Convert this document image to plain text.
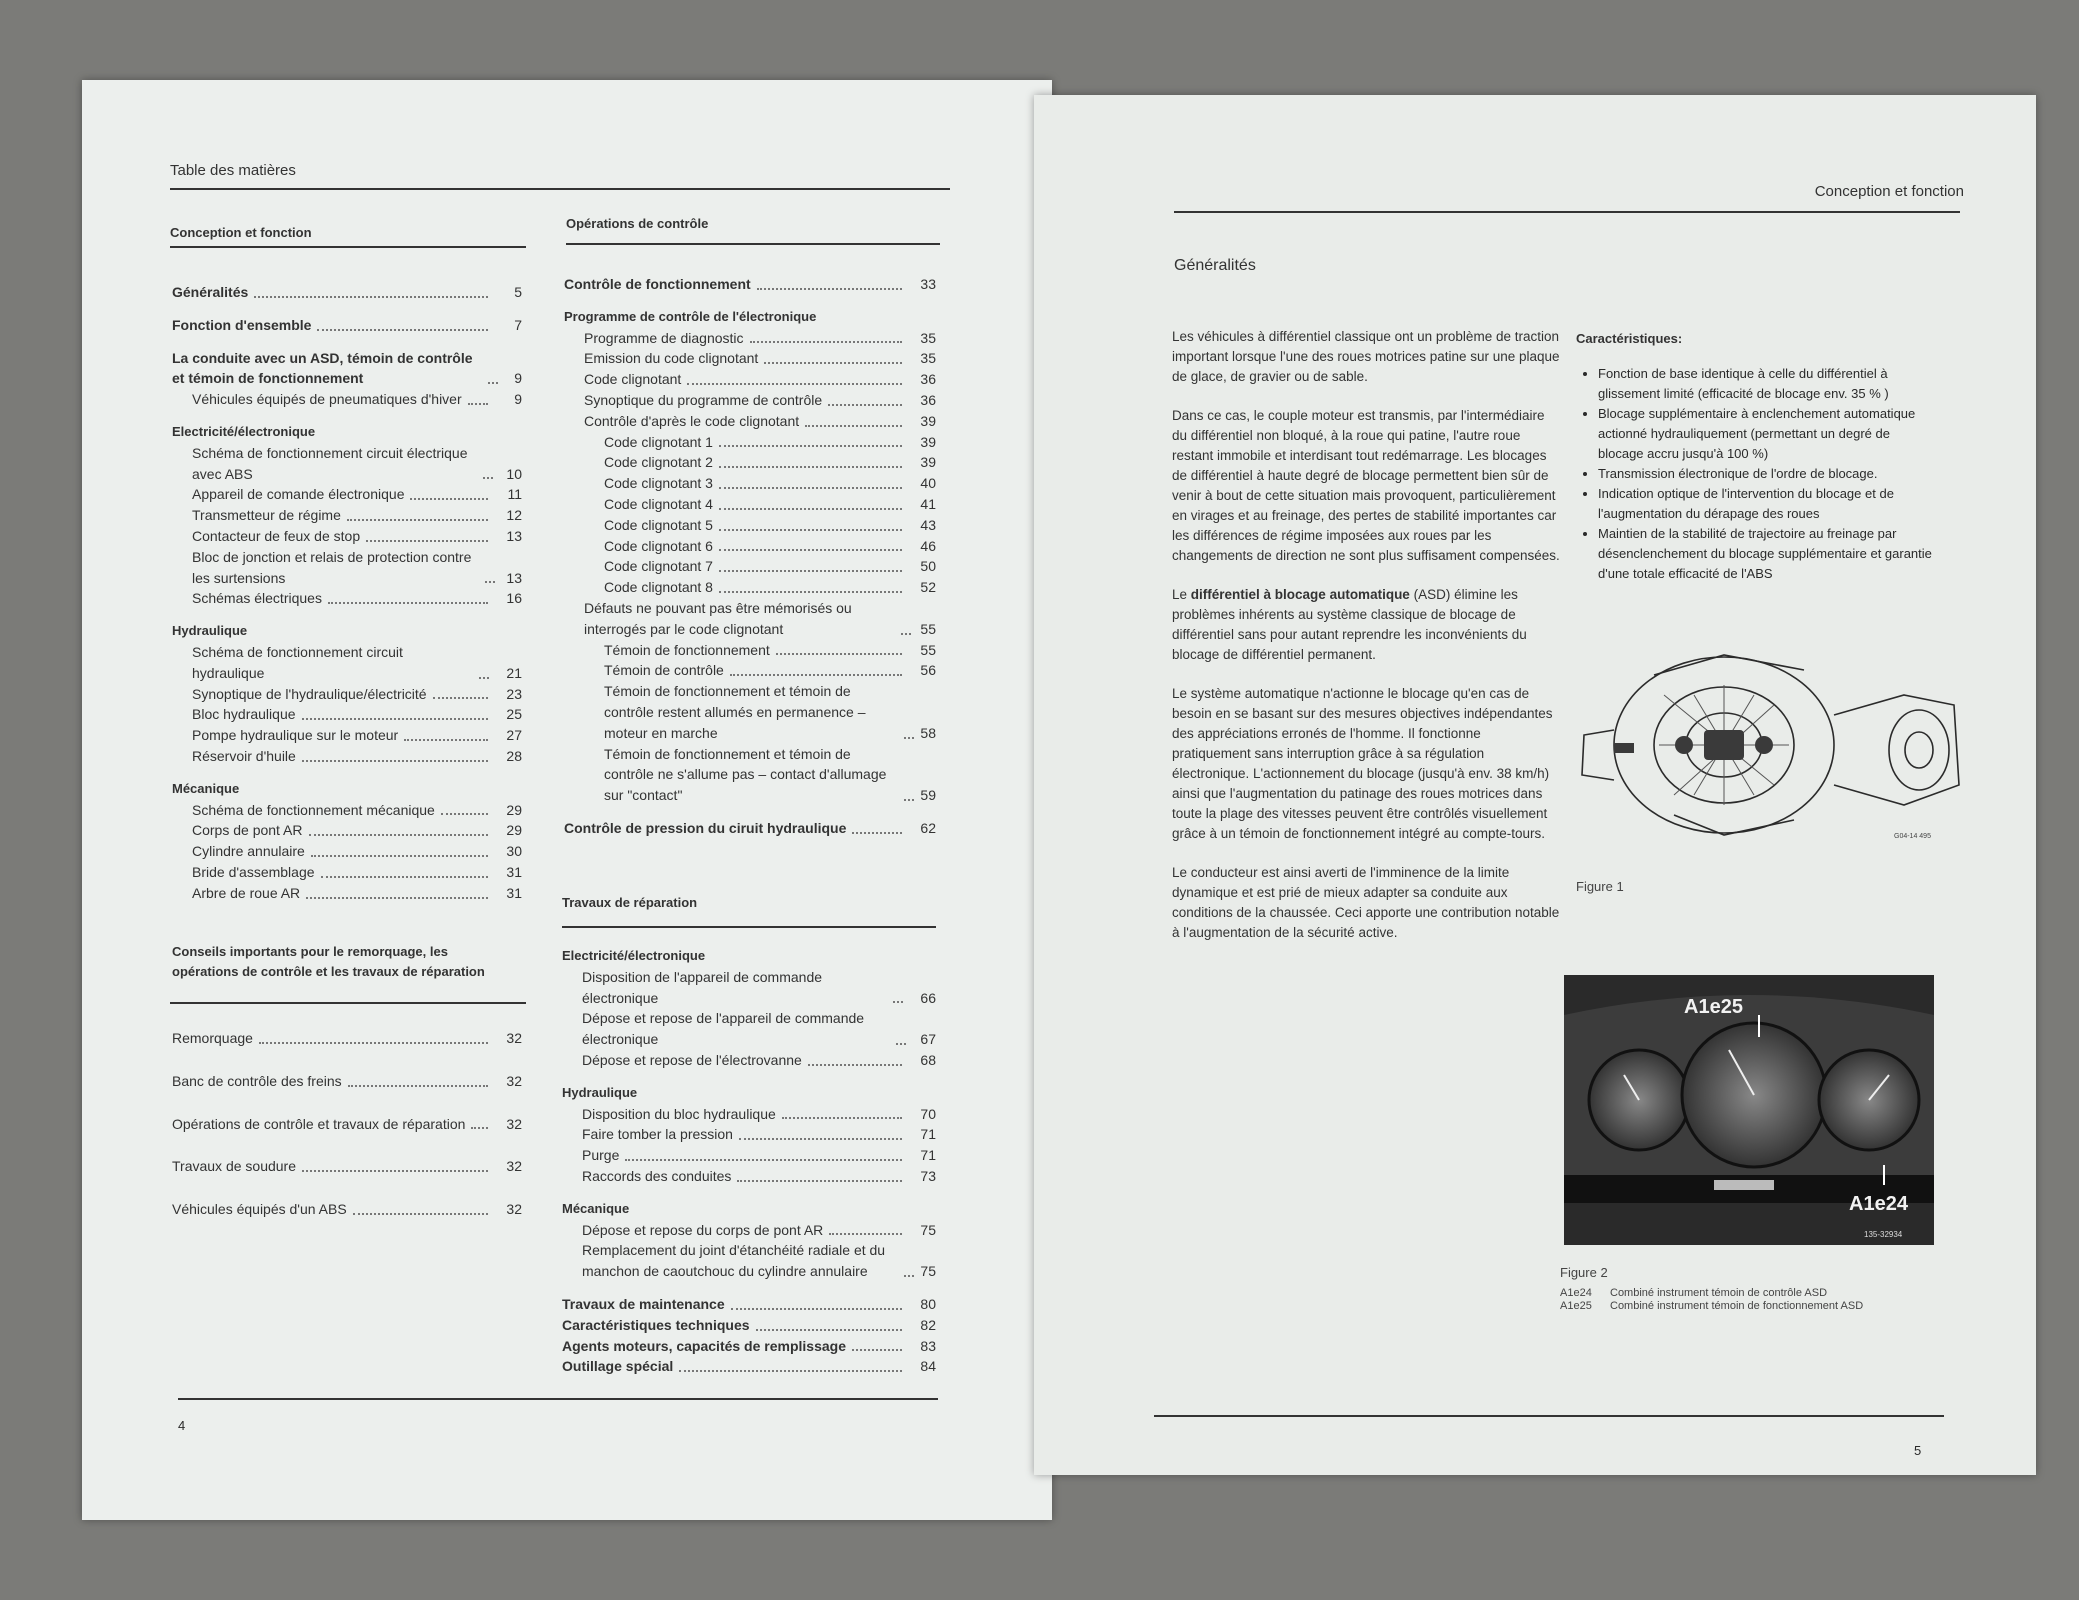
Table des matières
Conception et fonction
Généralités	5
Fonction d'ensemble	7
La conduite avec un ASD, témoin de contrôle et témoin de fonctionnement	9
Véhicules équipés de pneumatiques d'hiver	9
Electricité/électronique
Schéma de fonctionnement circuit électrique avec ABS	10
Appareil de comande électronique	11
Transmetteur de régime	12
Contacteur de feux de stop	13
Bloc de jonction et relais de protection contre les surtensions	13
Schémas électriques	16
Hydraulique
Schéma de fonctionnement circuit hydraulique	21
Synoptique de l'hydraulique/électricité	23
Bloc hydraulique	25
Pompe hydraulique sur le moteur	27
Réservoir d'huile	28
Mécanique
Schéma de fonctionnement mécanique	29
Corps de pont AR	29
Cylindre annulaire	30
Bride d'assemblage	31
Arbre de roue AR	31
Conseils importants pour le remorquage, les opérations de contrôle et les travaux de réparation
Remorquage	32
Banc de contrôle des freins	32
Opérations de contrôle et travaux de réparation	32
Travaux de soudure	32
Véhicules équipés d'un ABS	32
Opérations de contrôle
Contrôle de fonctionnement	33
Programme de contrôle de l'électronique
Programme de diagnostic	35
Emission du code clignotant	35
Code clignotant	36
Synoptique du programme de contrôle	36
Contrôle d'après le code clignotant	39
Code clignotant 1	39
Code clignotant 2	39
Code clignotant 3	40
Code clignotant 4	41
Code clignotant 5	43
Code clignotant 6	46
Code clignotant 7	50
Code clignotant 8	52
Défauts ne pouvant pas être mémorisés ou interrogés par le code clignotant	55
Témoin de fonctionnement	55
Témoin de contrôle	56
Témoin de fonctionnement et témoin de contrôle restent allumés en permanence – moteur en marche	58
Témoin de fonctionnement et témoin de contrôle ne s'allume pas – contact d'allumage sur "contact"	59
Contrôle de pression du ciruit hydraulique	62
Travaux de réparation
Electricité/électronique
Disposition de l'appareil de commande électronique	66
Dépose et repose de l'appareil de commande électronique	67
Dépose et repose de l'électrovanne	68
Hydraulique
Disposition du bloc hydraulique	70
Faire tomber la pression	71
Purge	71
Raccords des conduites	73
Mécanique
Dépose et repose du corps de pont AR	75
Remplacement du joint d'étanchéité radiale et du manchon de caoutchouc du cylindre annulaire	75
Travaux de maintenance	80
Caractéristiques techniques	82
Agents moteurs, capacités de remplissage	83
Outillage spécial	84
4
Conception et fonction
Généralités

Les véhicules à différentiel classique ont un problème de traction important lorsque l'une des roues motrices patine sur une plaque de glace, de gravier ou de sable.

Dans ce cas, le couple moteur est transmis, par l'intermédiaire du différentiel non bloqué, à la roue qui patine, l'autre roue restant immobile et interdisant tout redémarrage. Les blocages de différentiel à haute degré de blocage permettent bien sûr de venir à bout de cette situation mais provoquent, particulièrement en virages et au freinage, des pertes de stabilité importantes car les différences de régime imposées aux roues par les changements de direction ne sont plus suffisament compensées.

Le différentiel à blocage automatique (ASD) élimine les problèmes inhérents au système classique de blocage de différentiel sans pour autant reprendre les inconvénients du blocage de différentiel permanent.

Le système automatique n'actionne le blocage qu'en cas de besoin en se basant sur des mesures objectives indépendantes des appréciations erronés de l'homme. Il fonctionne pratiquement sans interruption grâce à sa régulation électronique. L'actionnement du blocage (jusqu'à env. 38 km/h) ainsi que l'augmentation du patinage des roues motrices dans toute la plage des vitesses peuvent être contrôlés visuellement grâce à un témoin de fonctionnement intégré au compte-tours.

Le conducteur est ainsi averti de l'imminence de la limite dynamique et est prié de mieux adapter sa conduite aux conditions de la chaussée. Ceci apporte une contribution notable à l'augmentation de la sécurité active.

Caractéristiques:
• Fonction de base identique à celle du différentiel à glissement limité (efficacité de blocage env. 35 % )
• Blocage supplémentaire à enclenchement automatique actionné hydrauliquement (permettant un degré de blocage accru jusqu'à 100 %)
• Transmission électronique de l'ordre de blocage.
• Indication optique de l'intervention du blocage et de l'augmentation du dérapage des roues
• Maintien de la stabilité de trajectoire au freinage par désenclenchement du blocage supplémentaire et garantie d'une totale efficacité de l'ABS
G04-14 495
Figure 1
A1e25
A1e24
135-32934
Figure 2
A1e24 Combiné instrument témoin de contrôle ASD
A1e25 Combiné instrument témoin de fonctionnement ASD
5
